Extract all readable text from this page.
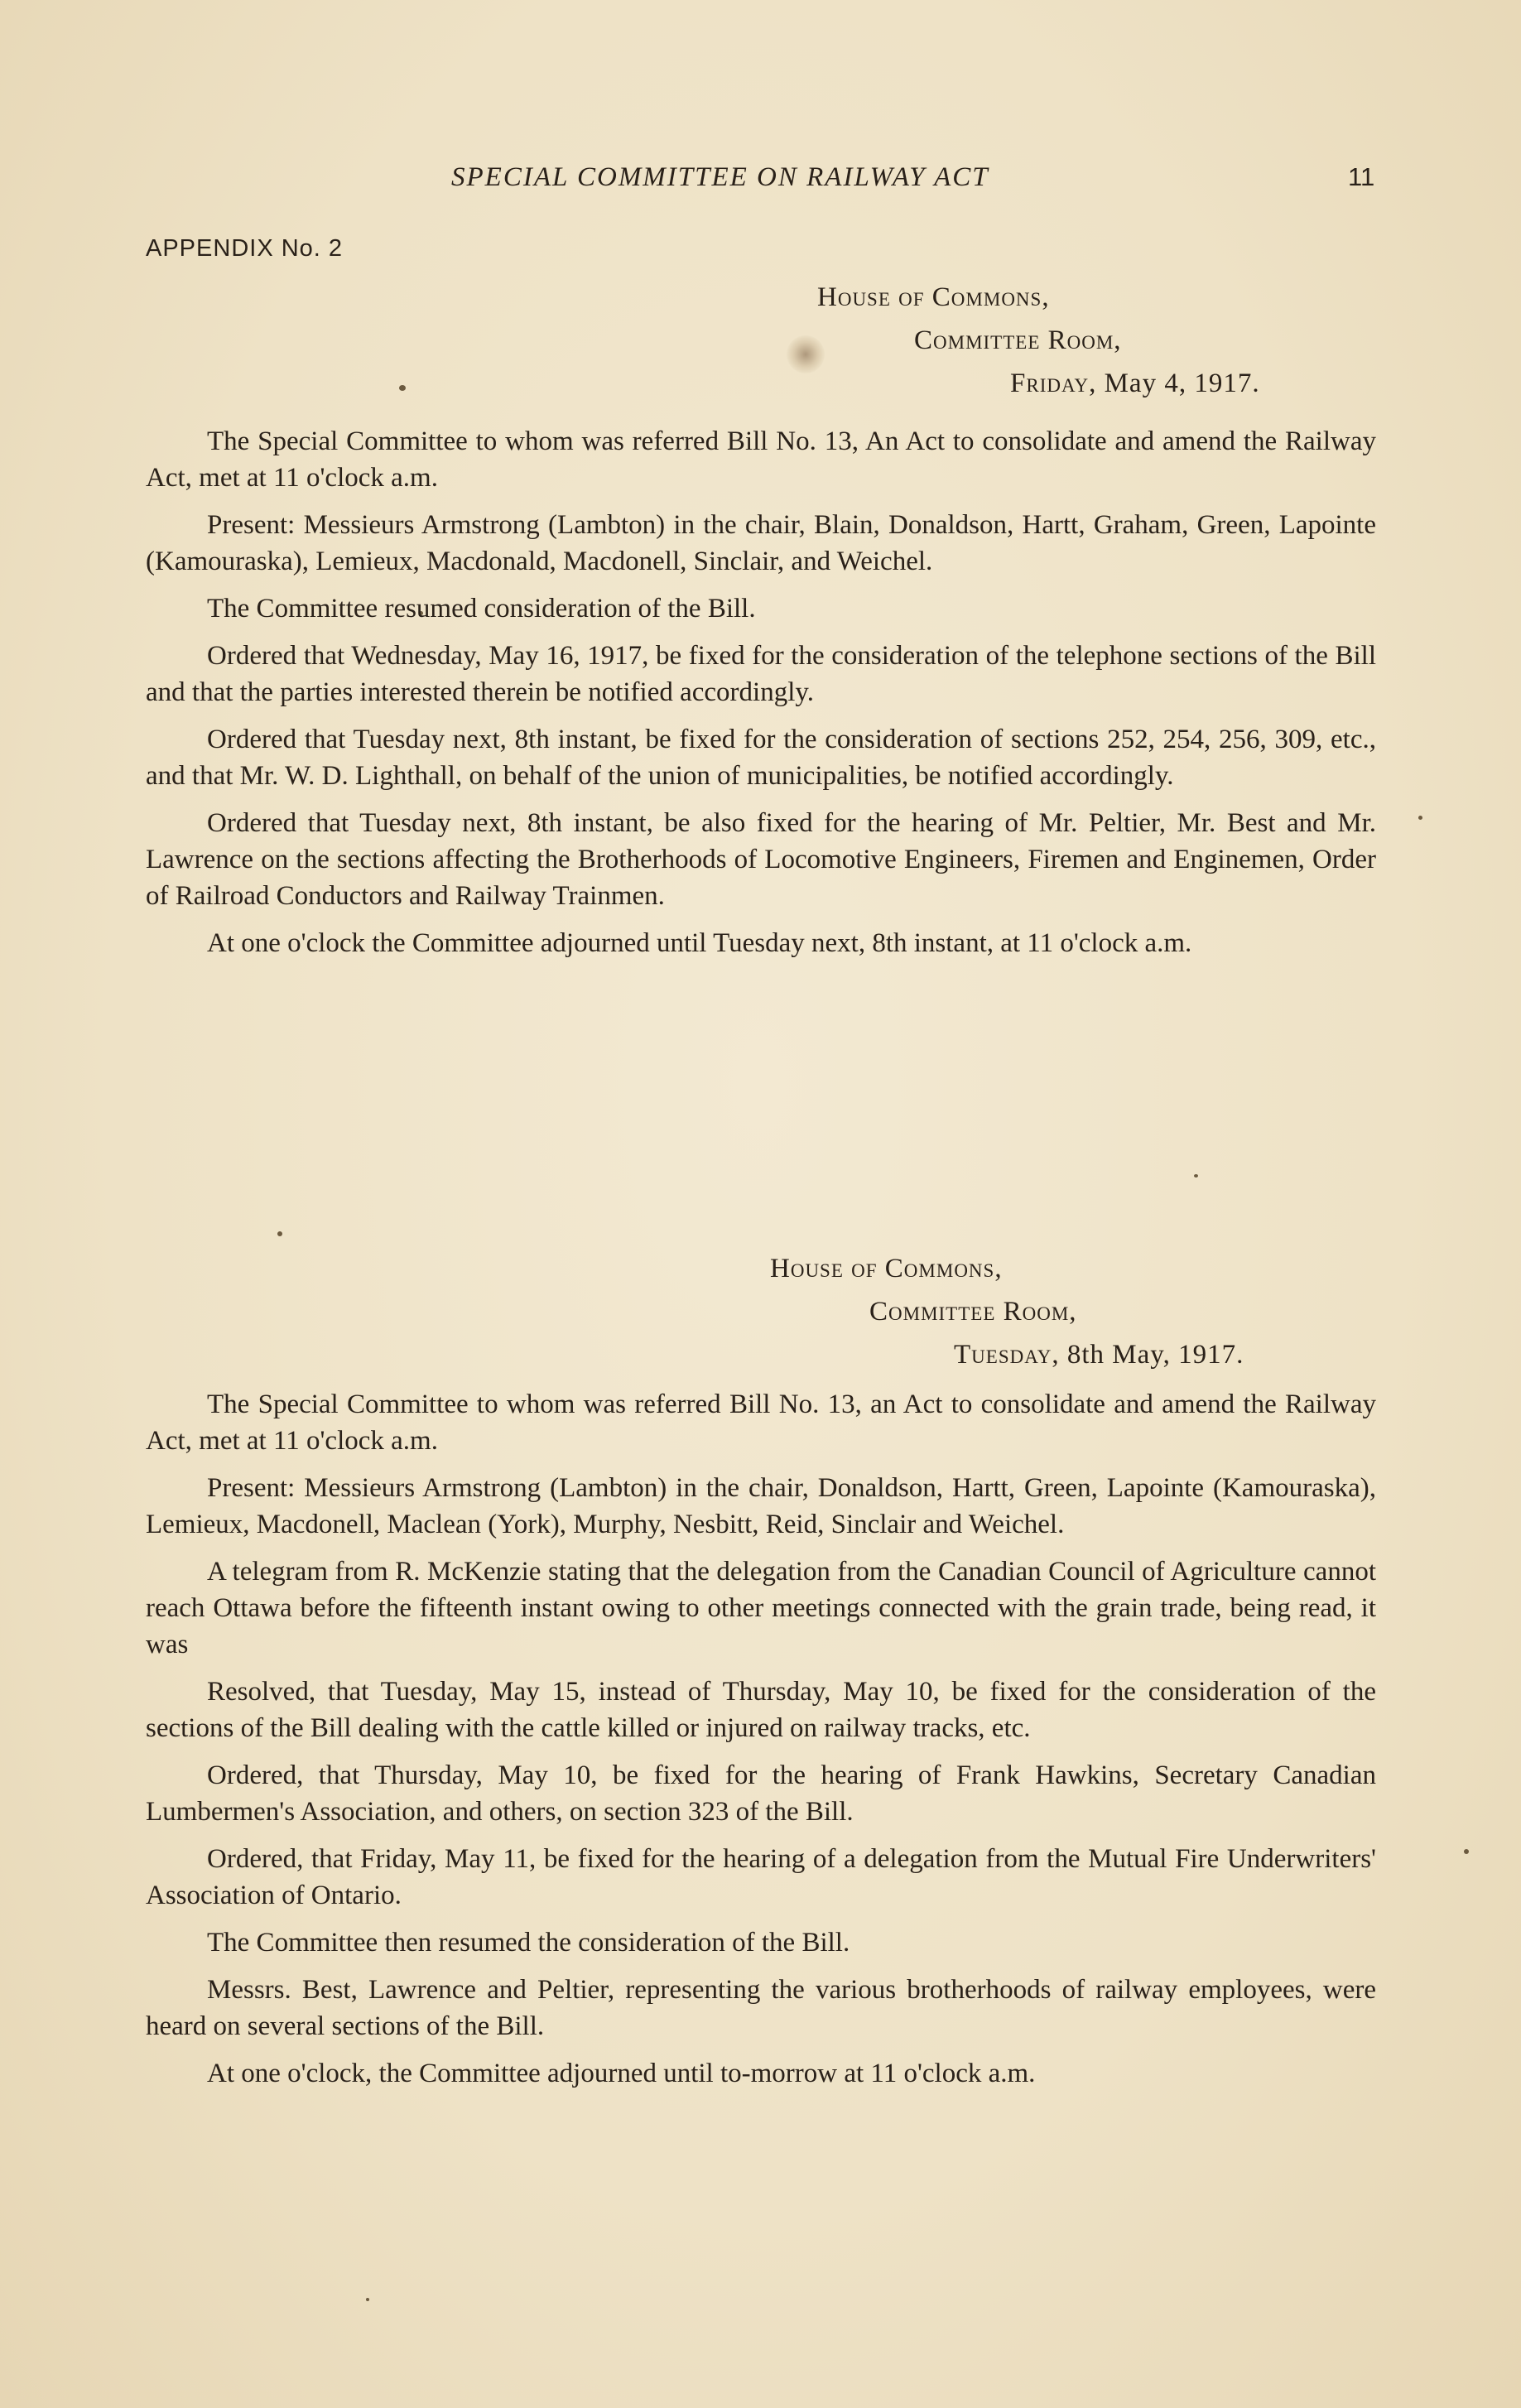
SPECIAL COMMITTEE ON RAILWAY ACT	11
APPENDIX No. 2
House of Commons,
Committee Room,
Friday, May 4, 1917.

The Special Committee to whom was referred Bill No. 13, An Act to consolidate and amend the Railway Act, met at 11 o'clock a.m.

Present: Messieurs Armstrong (Lambton) in the chair, Blain, Donaldson, Hartt, Graham, Green, Lapointe (Kamouraska), Lemieux, Macdonald, Macdonell, Sinclair, and Weichel.

The Committee resumed consideration of the Bill.

Ordered that Wednesday, May 16, 1917, be fixed for the consideration of the telephone sections of the Bill and that the parties interested therein be notified accordingly.

Ordered that Tuesday next, 8th instant, be fixed for the consideration of sections 252, 254, 256, 309, etc., and that Mr. W. D. Lighthall, on behalf of the union of municipalities, be notified accordingly.

Ordered that Tuesday next, 8th instant, be also fixed for the hearing of Mr. Peltier, Mr. Best and Mr. Lawrence on the sections affecting the Brotherhoods of Locomotive Engineers, Firemen and Enginemen, Order of Railroad Conductors and Railway Trainmen.

At one o'clock the Committee adjourned until Tuesday next, 8th instant, at 11 o'clock a.m.

House of Commons,
Committee Room,
Tuesday, 8th May, 1917.

The Special Committee to whom was referred Bill No. 13, an Act to consolidate and amend the Railway Act, met at 11 o'clock a.m.

Present: Messieurs Armstrong (Lambton) in the chair, Donaldson, Hartt, Green, Lapointe (Kamouraska), Lemieux, Macdonell, Maclean (York), Murphy, Nesbitt, Reid, Sinclair and Weichel.

A telegram from R. McKenzie stating that the delegation from the Canadian Council of Agriculture cannot reach Ottawa before the fifteenth instant owing to other meetings connected with the grain trade, being read, it was

Resolved, that Tuesday, May 15, instead of Thursday, May 10, be fixed for the consideration of the sections of the Bill dealing with the cattle killed or injured on railway tracks, etc.

Ordered, that Thursday, May 10, be fixed for the hearing of Frank Hawkins, Secretary Canadian Lumbermen's Association, and others, on section 323 of the Bill.

Ordered, that Friday, May 11, be fixed for the hearing of a delegation from the Mutual Fire Underwriters' Association of Ontario.

The Committee then resumed the consideration of the Bill.

Messrs. Best, Lawrence and Peltier, representing the various brotherhoods of railway employees, were heard on several sections of the Bill.

At one o'clock, the Committee adjourned until to-morrow at 11 o'clock a.m.
